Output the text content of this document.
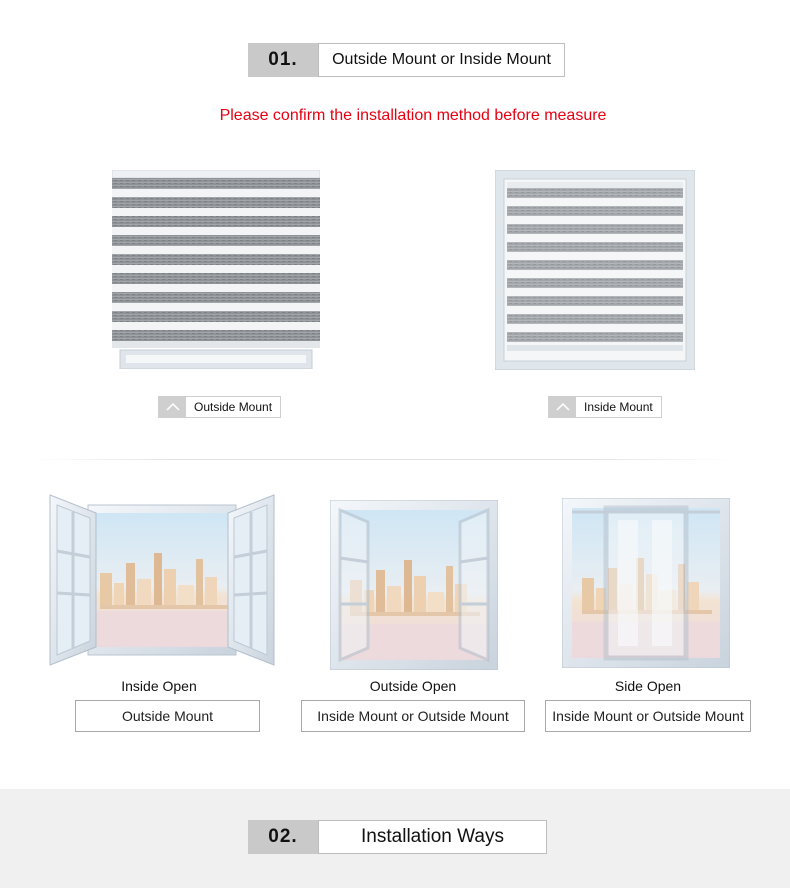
01.	Outside Mount or Inside Mount
Please confirm the installation method before measure
Outside Mount	Inside Mount
Inside Open	Outside Open	Side Open
Outside Mount	Inside Mount or Outside Mount	Inside Mount or Outside Mount
02.	Installation Ways
